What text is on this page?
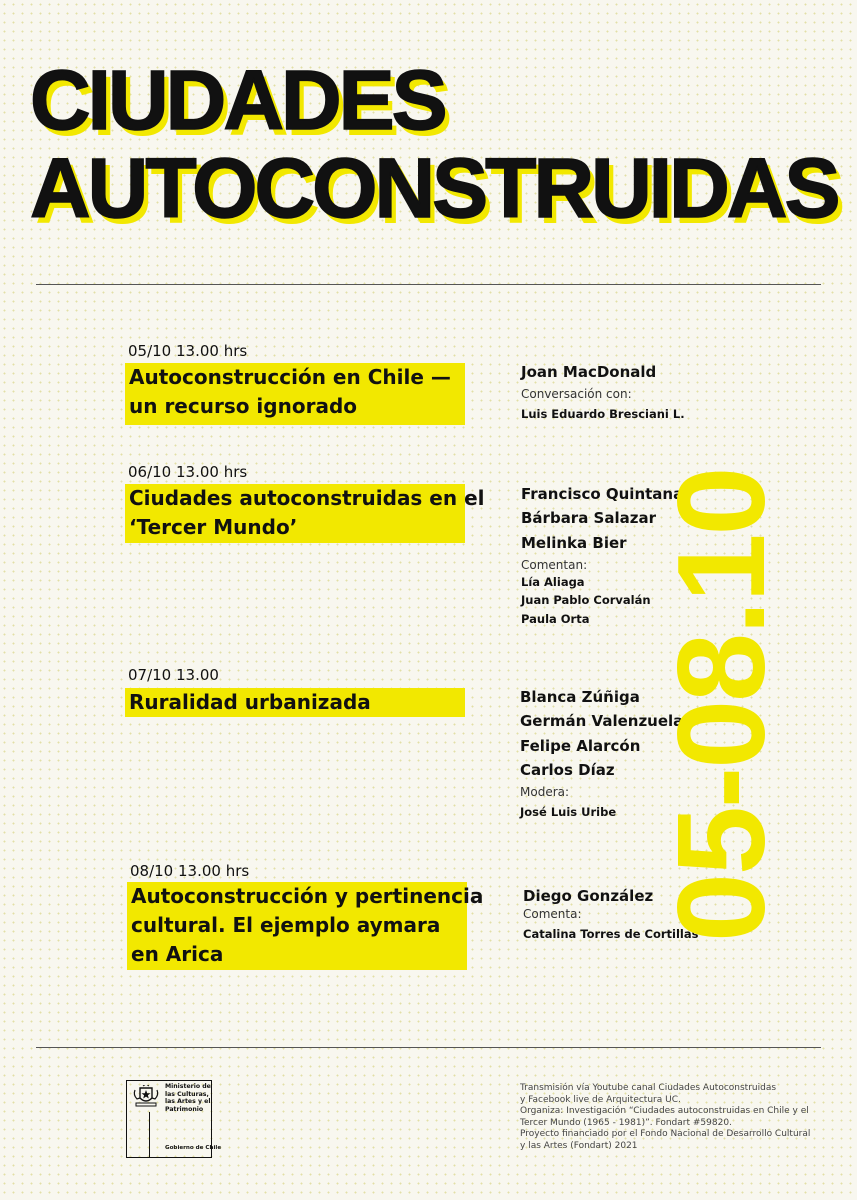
CIUDADES
AUTOCONSTRUIDAS
05/10 13.00 hrs
Autoconstrucción en Chile —
un recurso ignorado
Joan MacDonald
Conversación con:
Luis Eduardo Bresciani L.
06/10 13.00 hrs
Ciudades autoconstruidas en el
‘Tercer Mundo’
Francisco Quintana
Bárbara Salazar
Melinka Bier
Comentan:
Lía Aliaga
Juan Pablo Corvalán
Paula Orta
07/10 13.00
Ruralidad urbanizada	Blanca Zúñiga
Germán Valenzuela
Felipe Alarcón
Carlos Díaz
Modera:
José Luis Uribe
08/10 13.00 hrs
Autoconstrucción y pertinencia
cultural. El ejemplo aymara
en Arica
Diego González
Comenta:
Catalina Torres de Cortillas
05-08.10
Ministerio de
las Culturas,
las Artes y el
Patrimonio
Gobierno de Chile
Transmisión vía Youtube canal Ciudades Autoconstruidas
y Facebook live de Arquitectura UC.
Organiza: Investigación “Ciudades autoconstruidas en Chile y el
Tercer Mundo (1965 - 1981)”. Fondart #59820.
Proyecto financiado por el Fondo Nacional de Desarrollo Cultural
y las Artes (Fondart) 2021
